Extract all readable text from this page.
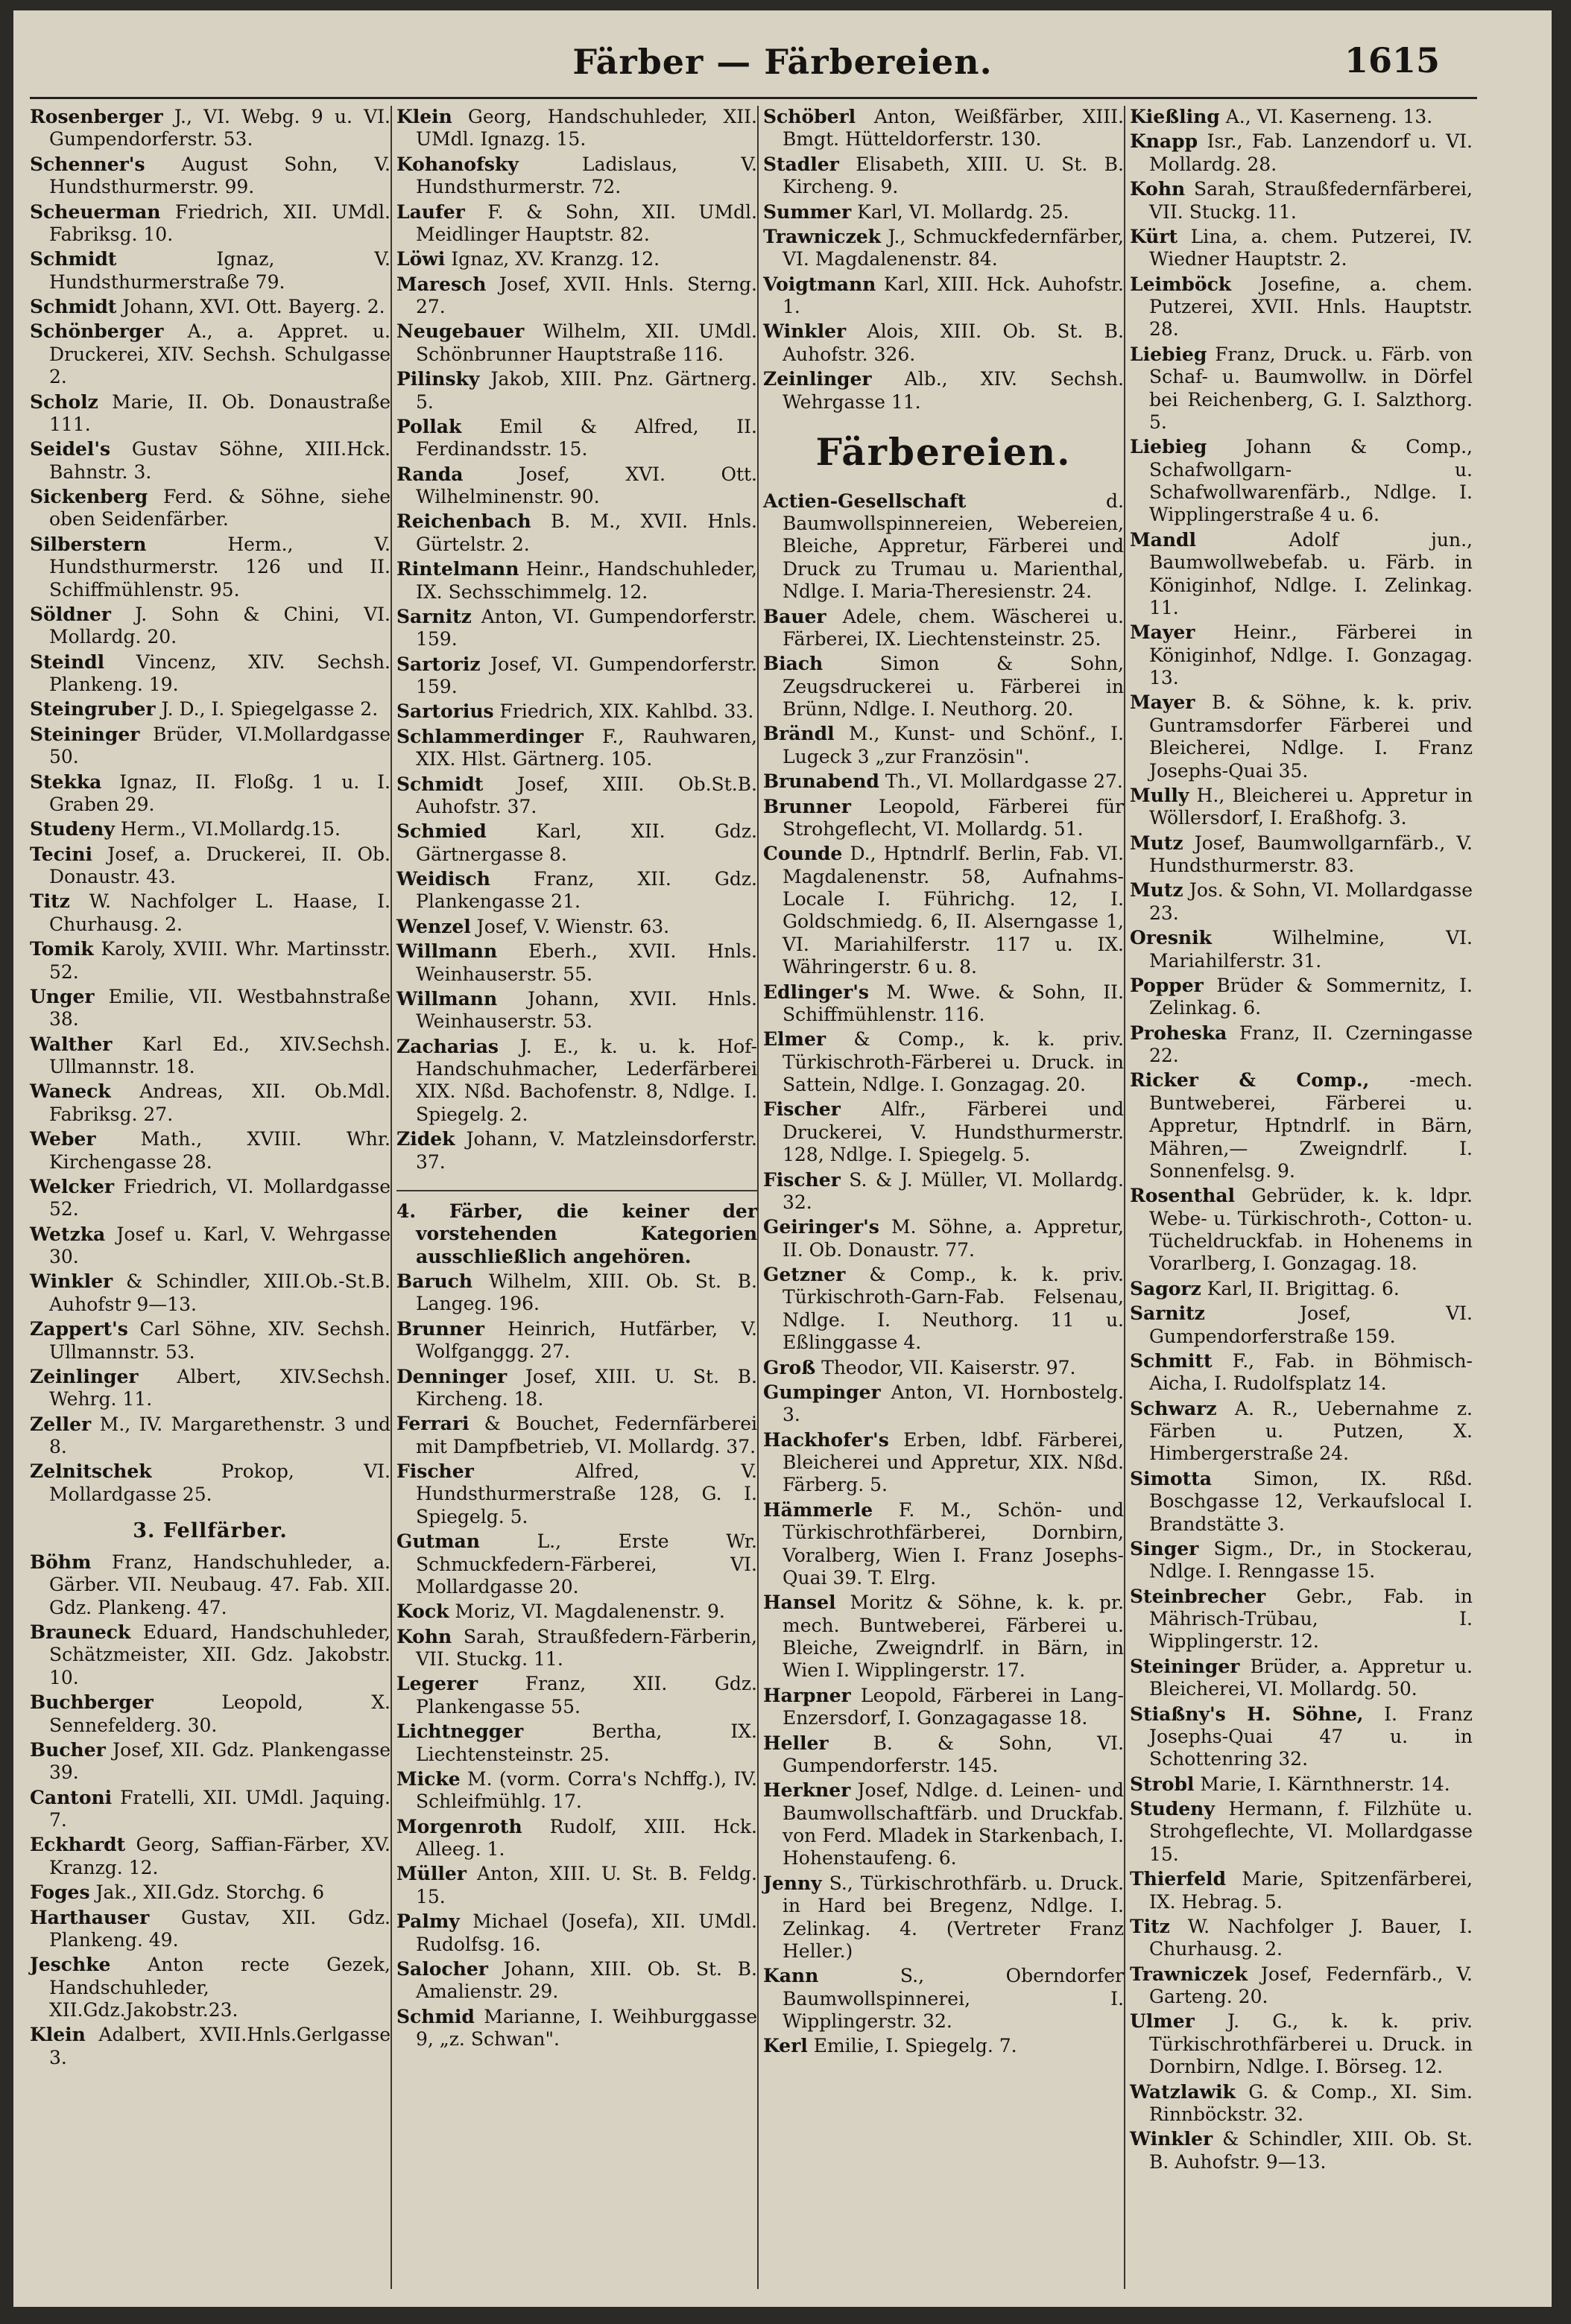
Färber — Färbereien.	1615

Rosenberger J., VI. Webg. 9 u. VI. Gumpendorferstr. 53.

Schenner's August Sohn, V. Hundsthurmerstr. 99.

Scheuerman Friedrich, XII. UMdl. Fabriksg. 10.

Schmidt Ignaz, V. Hundsthurmerstraße 79.

Schmidt Johann, XVI. Ott. Bayerg. 2.

Schönberger A., a. Appret. u. Druckerei, XIV. Sechsh. Schulgasse 2.

Scholz Marie, II. Ob. Donaustraße 111.

Seidel's Gustav Söhne, XIII.Hck. Bahnstr. 3.

Sickenberg Ferd. & Söhne, siehe oben Seidenfärber.

Silberstern Herm., V. Hundsthurmerstr. 126 und II. Schiffmühlenstr. 95.

Söldner J. Sohn & Chini, VI. Mollardg. 20.

Steindl Vincenz, XIV. Sechsh. Plankeng. 19.

Steingruber J. D., I. Spiegelgasse 2.

Steininger Brüder, VI.Mollardgasse 50.

Stekka Ignaz, II. Floßg. 1 u. I. Graben 29.

Studeny Herm., VI.Mollardg.15.

Tecini Josef, a. Druckerei, II. Ob. Donaustr. 43.

Titz W. Nachfolger L. Haase, I. Churhausg. 2.

Tomik Karoly, XVIII. Whr. Martinsstr. 52.

Unger Emilie, VII. Westbahnstraße 38.

Walther Karl Ed., XIV.Sechsh. Ullmannstr. 18.

Waneck Andreas, XII. Ob.Mdl. Fabriksg. 27.

Weber Math., XVIII. Whr. Kirchengasse 28.

Welcker Friedrich, VI. Mollardgasse 52.

Wetzka Josef u. Karl, V. Wehrgasse 30.

Winkler & Schindler, XIII.Ob.-St.B. Auhofstr 9—13.

Zappert's Carl Söhne, XIV. Sechsh. Ullmannstr. 53.

Zeinlinger Albert, XIV.Sechsh. Wehrg. 11.

Zeller M., IV. Margarethenstr. 3 und 8.

Zelnitschek Prokop, VI. Mollardgasse 25.

3. Fellfärber.

Böhm Franz, Handschuhleder, a. Gärber. VII. Neubaug. 47. Fab. XII. Gdz. Plankeng. 47.

Brauneck Eduard, Handschuhleder, Schätzmeister, XII. Gdz. Jakobstr. 10.

Buchberger Leopold, X. Sennefelderg. 30.

Bucher Josef, XII. Gdz. Plankengasse 39.

Cantoni Fratelli, XII. UMdl. Jaquing. 7.

Eckhardt Georg, Saffian-Färber, XV. Kranzg. 12.

Foges Jak., XII.Gdz. Storchg. 6

Harthauser Gustav, XII. Gdz. Plankeng. 49.

Jeschke Anton recte Gezek, Handschuhleder, XII.Gdz.Jakobstr.23.

Klein Adalbert, XVII.Hnls.Gerlgasse 3.

Klein Georg, Handschuhleder, XII. UMdl. Ignazg. 15.

Kohanofsky Ladislaus, V. Hundsthurmerstr. 72.

Laufer F. & Sohn, XII. UMdl. Meidlinger Hauptstr. 82.

Löwi Ignaz, XV. Kranzg. 12.

Maresch Josef, XVII. Hnls. Sterng. 27.

Neugebauer Wilhelm, XII. UMdl. Schönbrunner Hauptstraße 116.

Pilinsky Jakob, XIII. Pnz. Gärtnerg. 5.

Pollak Emil & Alfred, II. Ferdinandsstr. 15.

Randa Josef, XVI. Ott. Wilhelminenstr. 90.

Reichenbach B. M., XVII. Hnls. Gürtelstr. 2.

Rintelmann Heinr., Handschuhleder, IX. Sechsschimmelg. 12.

Sarnitz Anton, VI. Gumpendorferstr. 159.

Sartoriz Josef, VI. Gumpendorferstr. 159.

Sartorius Friedrich, XIX. Kahlbd. 33.

Schlammerdinger F., Rauhwaren, XIX. Hlst. Gärtnerg. 105.

Schmidt Josef, XIII. Ob.St.B. Auhofstr. 37.

Schmied Karl, XII. Gdz. Gärtnergasse 8.

Weidisch Franz, XII. Gdz. Plankengasse 21.

Wenzel Josef, V. Wienstr. 63.

Willmann Eberh., XVII. Hnls. Weinhauserstr. 55.

Willmann Johann, XVII. Hnls. Weinhauserstr. 53.

Zacharias J. E., k. u. k. Hof-Handschuhmacher, Lederfärberei XIX. Nßd. Bachofenstr. 8, Ndlge. I. Spiegelg. 2.

Zidek Johann, V. Matzleinsdorferstr. 37.

4. Färber, die keiner der vorstehenden Kategorien ausschließlich angehören.

Baruch Wilhelm, XIII. Ob. St. B. Langeg. 196.

Brunner Heinrich, Hutfärber, V. Wolfganggg. 27.

Denninger Josef, XIII. U. St. B. Kircheng. 18.

Ferrari & Bouchet, Federnfärberei mit Dampfbetrieb, VI. Mollardg. 37.

Fischer Alfred, V. Hundsthurmerstraße 128, G. I. Spiegelg. 5.

Gutman L., Erste Wr. Schmuckfedern-Färberei, VI. Mollardgasse 20.

Kock Moriz, VI. Magdalenenstr. 9.

Kohn Sarah, Straußfedern-Färberin, VII. Stuckg. 11.

Legerer Franz, XII. Gdz. Plankengasse 55.

Lichtnegger Bertha, IX. Liechtensteinstr. 25.

Micke M. (vorm. Corra's Nchffg.), IV. Schleifmühlg. 17.

Morgenroth Rudolf, XIII. Hck. Alleeg. 1.

Müller Anton, XIII. U. St. B. Feldg. 15.

Palmy Michael (Josefa), XII. UMdl. Rudolfsg. 16.

Salocher Johann, XIII. Ob. St. B. Amalienstr. 29.

Schmid Marianne, I. Weihburggasse 9, „z. Schwan".

Schöberl Anton, Weißfärber, XIII. Bmgt. Hütteldorferstr. 130.

Stadler Elisabeth, XIII. U. St. B. Kircheng. 9.

Summer Karl, VI. Mollardg. 25.

Trawniczek J., Schmuckfedernfärber, VI. Magdalenenstr. 84.

Voigtmann Karl, XIII. Hck. Auhofstr. 1.

Winkler Alois, XIII. Ob. St. B. Auhofstr. 326.

Zeinlinger Alb., XIV. Sechsh. Wehrgasse 11.

Färbereien.

Actien-Gesellschaft d. Baumwollspinnereien, Webereien, Bleiche, Appretur, Färberei und Druck zu Trumau u. Marienthal, Ndlge. I. Maria-Theresienstr. 24.

Bauer Adele, chem. Wäscherei u. Färberei, IX. Liechtensteinstr. 25.

Biach Simon & Sohn, Zeugsdruckerei u. Färberei in Brünn, Ndlge. I. Neuthorg. 20.

Brändl M., Kunst- und Schönf., I. Lugeck 3 „zur Französin".

Brunabend Th., VI. Mollardgasse 27.

Brunner Leopold, Färberei für Strohgeflecht, VI. Mollardg. 51.

Counde D., Hptndrlf. Berlin, Fab. VI. Magdalenenstr. 58, Aufnahms-Locale I. Führichg. 12, I. Goldschmiedg. 6, II. Alserngasse 1, VI. Mariahilferstr. 117 u. IX. Währingerstr. 6 u. 8.

Edlinger's M. Wwe. & Sohn, II. Schiffmühlenstr. 116.

Elmer & Comp., k. k. priv. Türkischroth-Färberei u. Druck. in Sattein, Ndlge. I. Gonzagag. 20.

Fischer Alfr., Färberei und Druckerei, V. Hundsthurmerstr. 128, Ndlge. I. Spiegelg. 5.

Fischer S. & J. Müller, VI. Mollardg. 32.

Geiringer's M. Söhne, a. Appretur, II. Ob. Donaustr. 77.

Getzner & Comp., k. k. priv. Türkischroth-Garn-Fab. Felsenau, Ndlge. I. Neuthorg. 11 u. Eßlinggasse 4.

Groß Theodor, VII. Kaiserstr. 97.

Gumpinger Anton, VI. Hornbostelg. 3.

Hackhofer's Erben, ldbf. Färberei, Bleicherei und Appretur, XIX. Nßd. Färberg. 5.

Hämmerle F. M., Schön- und Türkischrothfärberei, Dornbirn, Voralberg, Wien I. Franz Josephs-Quai 39. T. Elrg.

Hansel Moritz & Söhne, k. k. pr. mech. Buntweberei, Färberei u. Bleiche, Zweigndrlf. in Bärn, in Wien I. Wipplingerstr. 17.

Harpner Leopold, Färberei in Lang-Enzersdorf, I. Gonzagagasse 18.

Heller B. & Sohn, VI. Gumpendorferstr. 145.

Herkner Josef, Ndlge. d. Leinen- und Baumwollschaftfärb. und Druckfab. von Ferd. Mladek in Starkenbach, I. Hohenstaufeng. 6.

Jenny S., Türkischrothfärb. u. Druck. in Hard bei Bregenz, Ndlge. I. Zelinkag. 4. (Vertreter Franz Heller.)

Kann S., Oberndorfer Baumwollspinnerei, I. Wipplingerstr. 32.

Kerl Emilie, I. Spiegelg. 7.

Kießling A., VI. Kaserneng. 13.

Knapp Isr., Fab. Lanzendorf u. VI. Mollardg. 28.

Kohn Sarah, Straußfedernfärberei, VII. Stuckg. 11.

Kürt Lina, a. chem. Putzerei, IV. Wiedner Hauptstr. 2.

Leimböck Josefine, a. chem. Putzerei, XVII. Hnls. Hauptstr. 28.

Liebieg Franz, Druck. u. Färb. von Schaf- u. Baumwollw. in Dörfel bei Reichenberg, G. I. Salzthorg. 5.

Liebieg Johann & Comp., Schafwollgarn- u. Schafwollwarenfärb., Ndlge. I. Wipplingerstraße 4 u. 6.

Mandl Adolf jun., Baumwollwebefab. u. Färb. in Königinhof, Ndlge. I. Zelinkag. 11.

Mayer Heinr., Färberei in Königinhof, Ndlge. I. Gonzagag. 13.

Mayer B. & Söhne, k. k. priv. Guntramsdorfer Färberei und Bleicherei, Ndlge. I. Franz Josephs-Quai 35.

Mully H., Bleicherei u. Appretur in Wöllersdorf, I. Eraßhofg. 3.

Mutz Josef, Baumwollgarnfärb., V. Hundsthurmerstr. 83.

Mutz Jos. & Sohn, VI. Mollardgasse 23.

Oresnik Wilhelmine, VI. Mariahilferstr. 31.

Popper Brüder & Sommernitz, I. Zelinkag. 6.

Proheska Franz, II. Czerningasse 22.

Ricker & Comp., -mech. Buntweberei, Färberei u. Appretur, Hptndrlf. in Bärn, Mähren,— Zweigndrlf. I. Sonnenfelsg. 9.

Rosenthal Gebrüder, k. k. ldpr. Webe- u. Türkischroth-, Cotton- u. Tücheldruckfab. in Hohenems in Vorarlberg, I. Gonzagag. 18.

Sagorz Karl, II. Brigittag. 6.

Sarnitz Josef, VI. Gumpendorferstraße 159.

Schmitt F., Fab. in Böhmisch-Aicha, I. Rudolfsplatz 14.

Schwarz A. R., Uebernahme z. Färben u. Putzen, X. Himbergerstraße 24.

Simotta Simon, IX. Rßd. Boschgasse 12, Verkaufslocal I. Brandstätte 3.

Singer Sigm., Dr., in Stockerau, Ndlge. I. Renngasse 15.

Steinbrecher Gebr., Fab. in Mährisch-Trübau, I. Wipplingerstr. 12.

Steininger Brüder, a. Appretur u. Bleicherei, VI. Mollardg. 50.

Stiaßny's H. Söhne, I. Franz Josephs-Quai 47 u. in Schottenring 32.

Strobl Marie, I. Kärnthnerstr. 14.

Studeny Hermann, f. Filzhüte u. Strohgeflechte, VI. Mollardgasse 15.

Thierfeld Marie, Spitzenfärberei, IX. Hebrag. 5.

Titz W. Nachfolger J. Bauer, I. Churhausg. 2.

Trawniczek Josef, Federnfärb., V. Garteng. 20.

Ulmer J. G., k. k. priv. Türkischrothfärberei u. Druck. in Dornbirn, Ndlge. I. Börseg. 12.

Watzlawik G. & Comp., XI. Sim. Rinnböckstr. 32.

Winkler & Schindler, XIII. Ob. St. B. Auhofstr. 9—13.
